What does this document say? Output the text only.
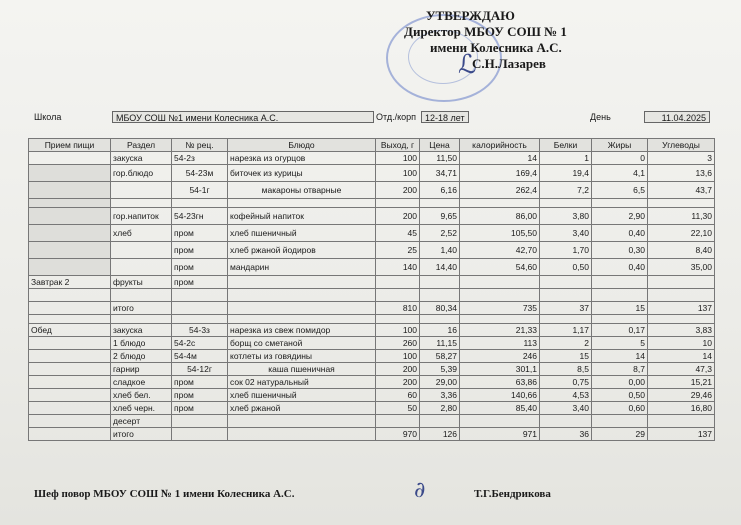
ℒ
УТВЕРЖДАЮ
Директор МБОУ СОШ № 1
имени Колесника А.С.
С.Н.Лазарев
Школа	МБОУ СОШ №1 имени Колесника А.С.	Отд./корп	12-18 лет	День	11.04.2025
Прием пищи	Раздел	№ рец.	Блюдо	Выход, г	Цена	калорийность	Белки	Жиры	Углеводы
	закуска	54-2з	нарезка из огурцов	100	11,50	14	1	0	3
	гор.блюдо	54-23м	биточек из курицы	100	34,71	169,4	19,4	4,1	13,6
		54-1г	макароны отварные	200	6,16	262,4	7,2	6,5	43,7

	гор.напиток	54-23гн	кофейный напиток	200	9,65	86,00	3,80	2,90	11,30
	хлеб	пром	хлеб пшеничный	45	2,52	105,50	3,40	0,40	22,10
		пром	хлеб ржаной йодиров	25	1,40	42,70	1,70	0,30	8,40
		пром	мандарин	140	14,40	54,60	0,50	0,40	35,00
Завтрак 2	фрукты	пром							

	итого			810	80,34	735	37	15	137

Обед	закуска	54-3з	нарезка из свеж помидор	100	16	21,33	1,17	0,17	3,83
	1 блюдо	54-2с	борщ со сметаной	260	11,15	113	2	5	10
	2 блюдо	54-4м	котлеты из говядины	100	58,27	246	15	14	14
	гарнир	54-12г	каша пшеничная	200	5,39	301,1	8,5	8,7	47,3
	сладкое	пром	сок 02 натуральный	200	29,00	63,86	0,75	0,00	15,21
	хлеб бел.	пром	хлеб пшеничный	60	3,36	140,66	4,53	0,50	29,46
	хлеб черн.	пром	хлеб ржаной	50	2,80	85,40	3,40	0,60	16,80
	десерт								
	итого			970	126	971	36	29	137
Шеф повор МБОУ СОШ № 1 имени Колесника А.С.	∂	Т.Г.Бендрикова
